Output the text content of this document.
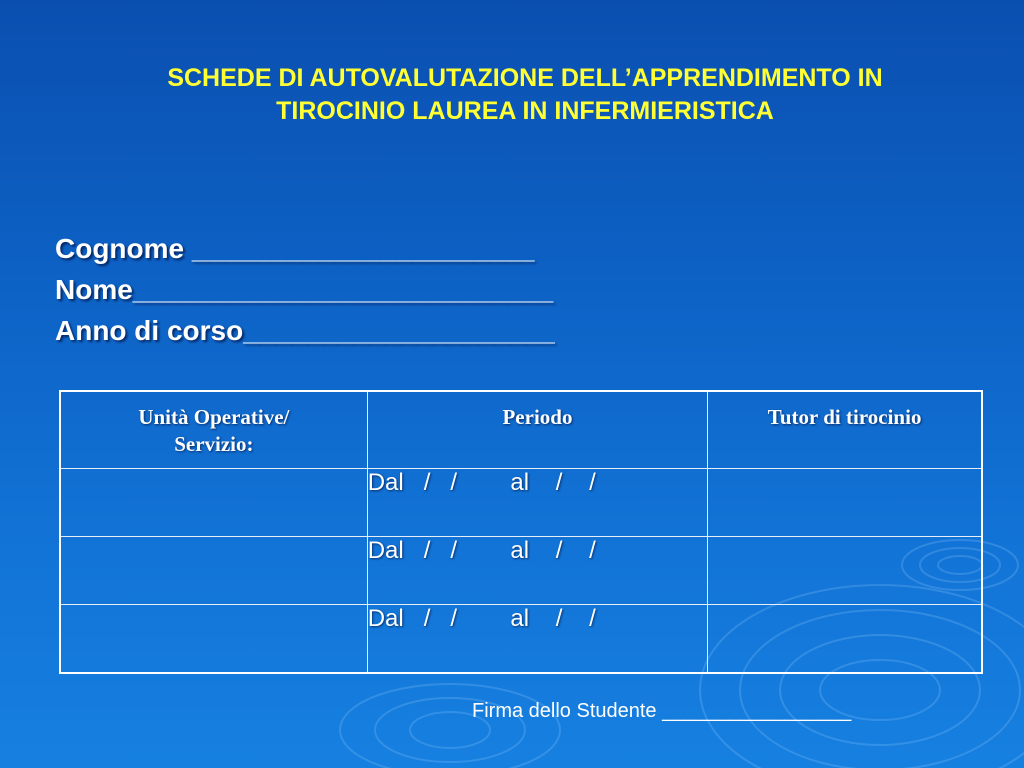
SCHEDE DI AUTOVALUTAZIONE DELL’APPRENDIMENTO IN
TIROCINIO LAUREA IN INFERMIERISTICA
Cognome ______________________
Nome___________________________
Anno di corso____________________
Unità Operative/
Servizio:	Periodo	Tutor di tirocinio
	Dal   /   /        al    /    /	
	Dal   /   /        al    /    /	
	Dal   /   /        al    /    /	
Firma dello Studente _________________
